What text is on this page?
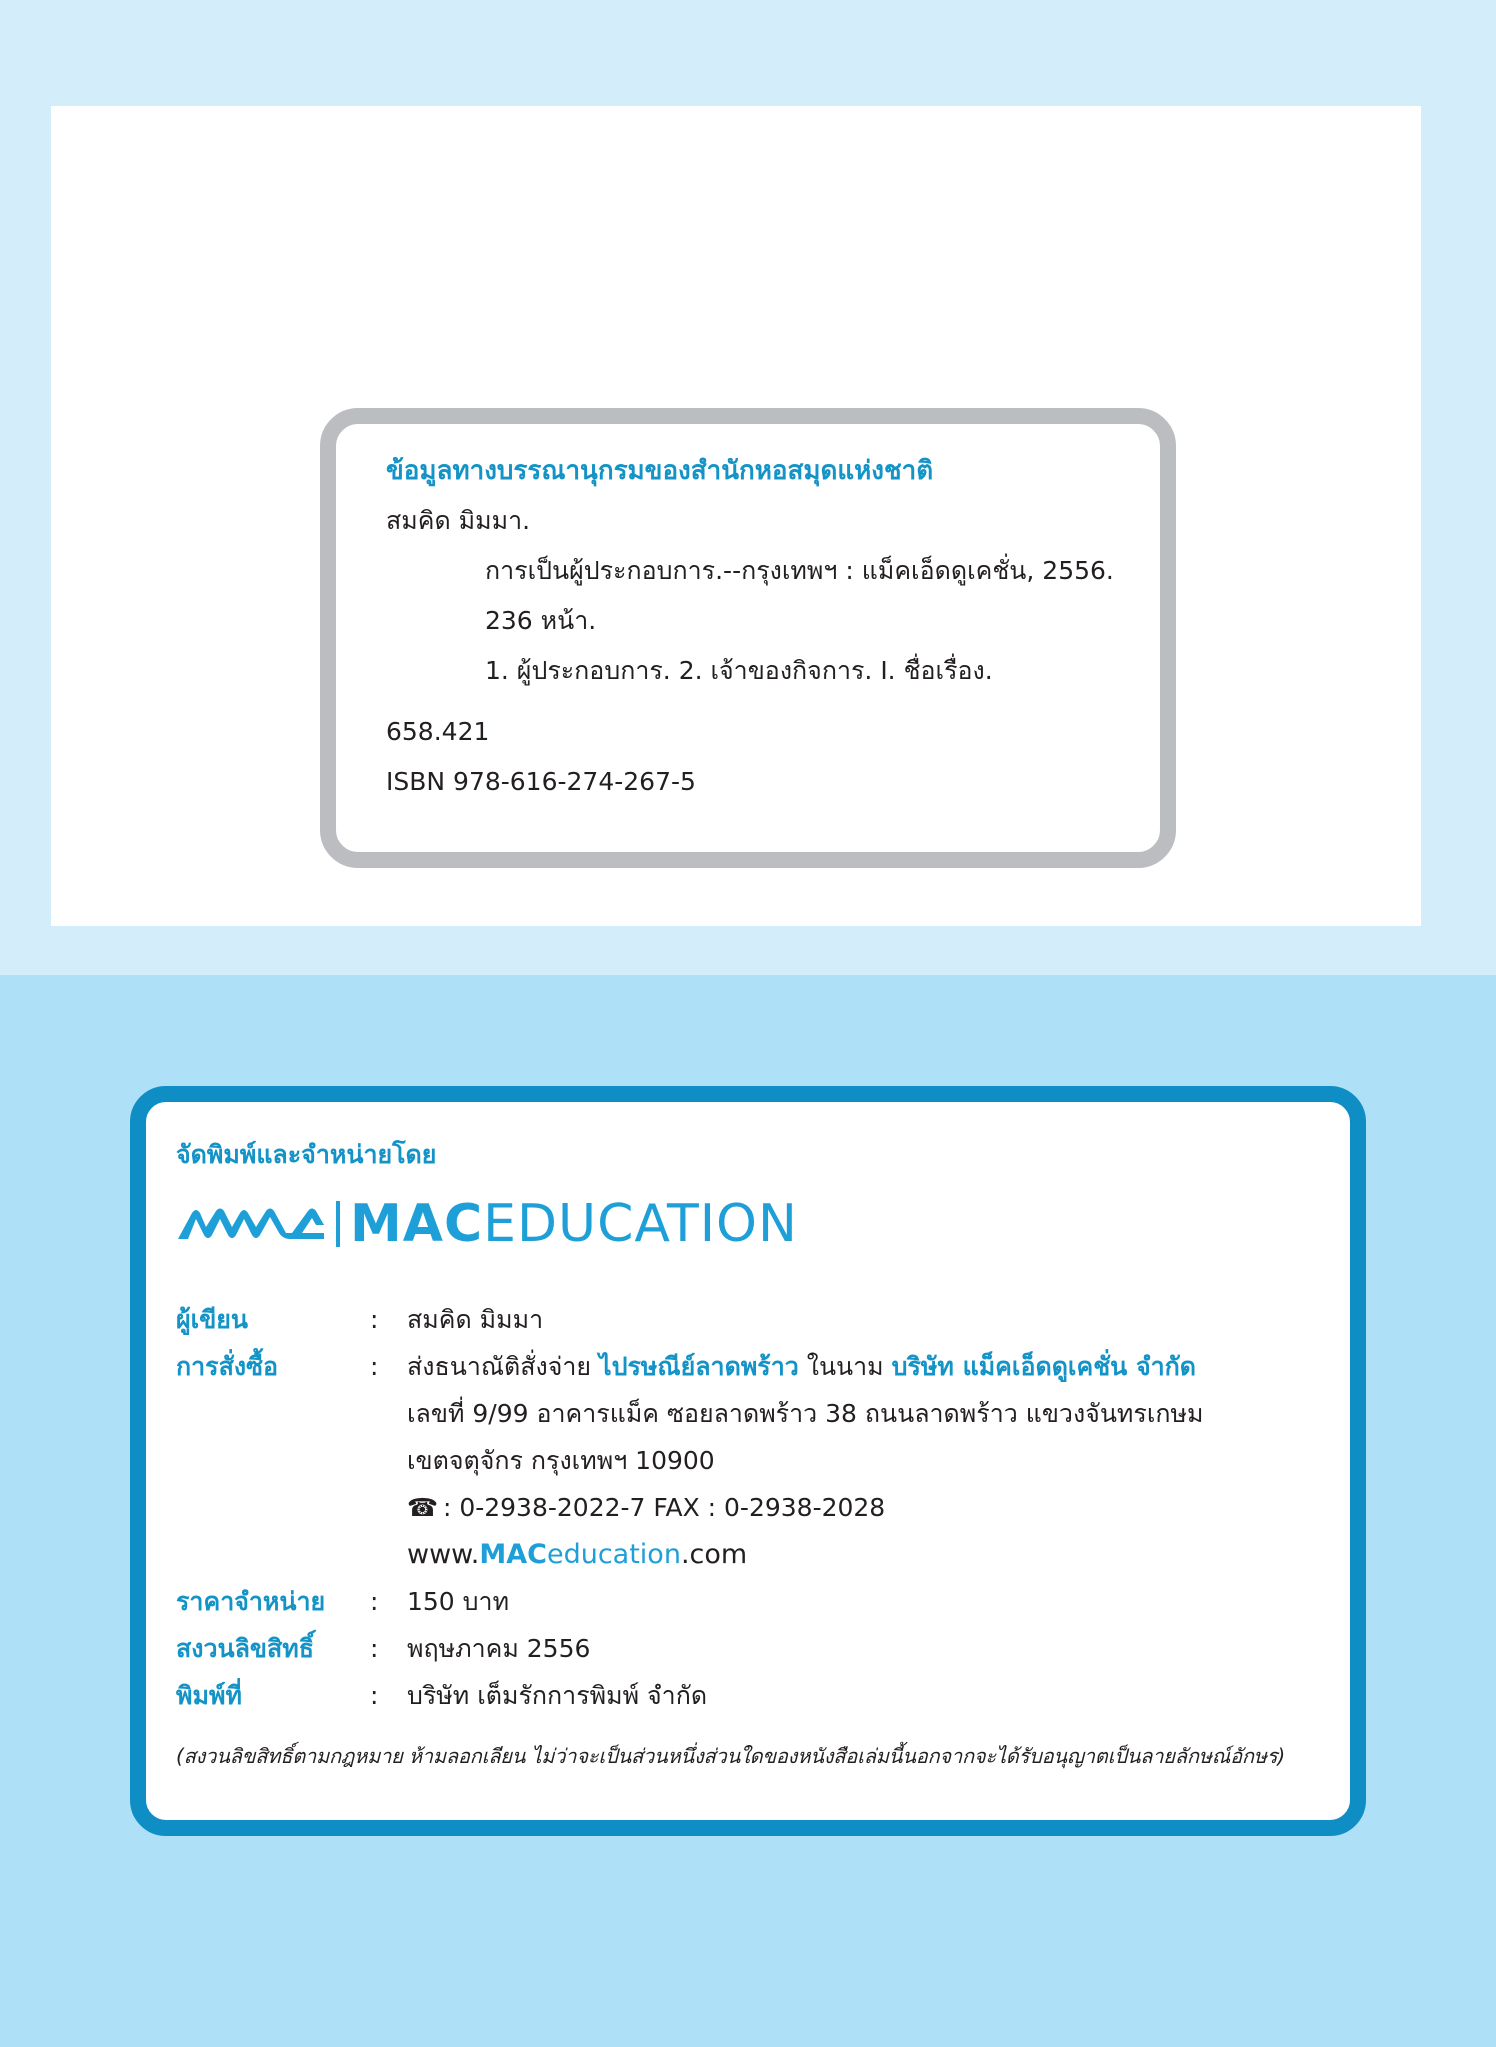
ข้อมูลทางบรรณานุกรมของสำนักหอสมุดแห่งชาติ

สมคิด มิมมา.

การเป็นผู้ประกอบการ.--กรุงเทพฯ : แม็คเอ็ดดูเคชั่น, 2556.

236 หน้า.

1. ผู้ประกอบการ. 2. เจ้าของกิจการ. I. ชื่อเรื่อง.

658.421

ISBN 978-616-274-267-5

จัดพิมพ์และจำหน่ายโดย

MACEDUCATION
ผู้เขียน	:	สมคิด มิมมา
การสั่งซื้อ	:	ส่งธนาณัติสั่งจ่าย ไปรษณีย์ลาดพร้าว ในนาม บริษัท แม็คเอ็ดดูเคชั่น จำกัด
เลขที่ 9/99 อาคารแม็ค ซอยลาดพร้าว 38 ถนนลาดพร้าว แขวงจันทรเกษม
เขตจตุจักร กรุงเทพฯ 10900
☎ : 0-2938-2022-7 FAX : 0-2938-2028
www.MACeducation.com
ราคาจำหน่าย	:	150 บาท
สงวนลิขสิทธิ์	:	พฤษภาคม 2556
พิมพ์ที่	:	บริษัท เต็มรักการพิมพ์ จำกัด

(สงวนลิขสิทธิ์ตามกฎหมาย ห้ามลอกเลียน ไม่ว่าจะเป็นส่วนหนึ่งส่วนใดของหนังสือเล่มนี้นอกจากจะได้รับอนุญาตเป็นลายลักษณ์อักษร)
